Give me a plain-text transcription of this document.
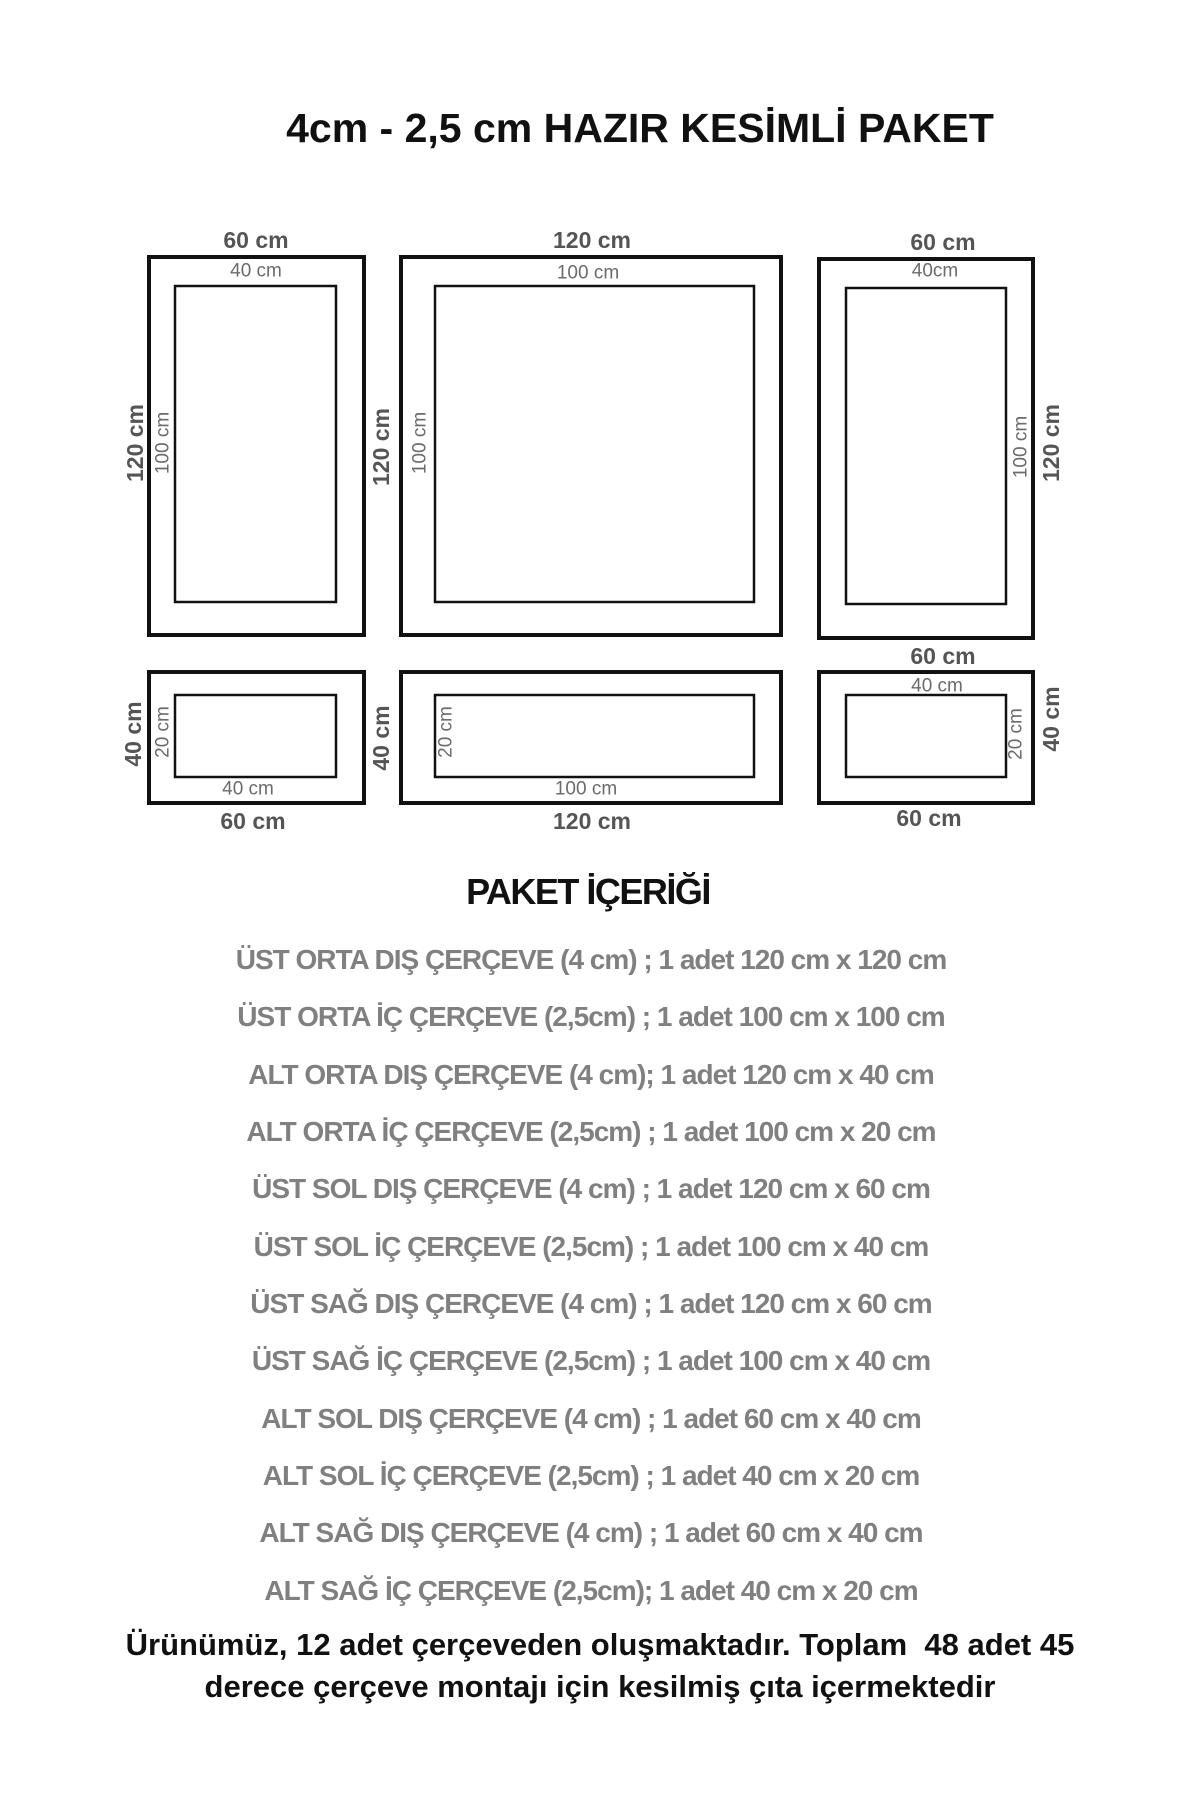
4cm - 2,5 cm HAZIR KESİMLİ PAKET
60 cm
40 cm
120 cm 100 cm
120 cm
100 cm
120 cm 100 cm
60 cm
40cm
100 cm 120 cm
40 cm 20 cm
40 cm
60 cm
40 cm 20 cm
100 cm
120 cm
60 cm
40 cm
20 cm 40 cm
60 cm
PAKET İÇERİĞİ
ÜST ORTA DIŞ ÇERÇEVE (4 cm) ; 1 adet 120 cm x 120 cm
ÜST ORTA İÇ ÇERÇEVE (2,5cm) ; 1 adet 100 cm x 100 cm
ALT ORTA DIŞ ÇERÇEVE (4 cm); 1 adet 120 cm x 40 cm
ALT ORTA İÇ ÇERÇEVE (2,5cm) ; 1 adet 100 cm x 20 cm
ÜST SOL DIŞ ÇERÇEVE (4 cm) ; 1 adet 120 cm x 60 cm
ÜST SOL İÇ ÇERÇEVE (2,5cm) ; 1 adet 100 cm x 40 cm
ÜST SAĞ DIŞ ÇERÇEVE (4 cm) ; 1 adet 120 cm x 60 cm
ÜST SAĞ İÇ ÇERÇEVE (2,5cm) ; 1 adet 100 cm x 40 cm
ALT SOL DIŞ ÇERÇEVE (4 cm) ; 1 adet 60 cm x 40 cm
ALT SOL İÇ ÇERÇEVE (2,5cm) ; 1 adet 40 cm x 20 cm
ALT SAĞ DIŞ ÇERÇEVE (4 cm) ; 1 adet 60 cm x 40 cm
ALT SAĞ İÇ ÇERÇEVE (2,5cm); 1 adet 40 cm x 20 cm
Ürünümüz, 12 adet çerçeveden oluşmaktadır. Toplam  48 adet 45
derece çerçeve montajı için kesilmiş çıta içermektedir
